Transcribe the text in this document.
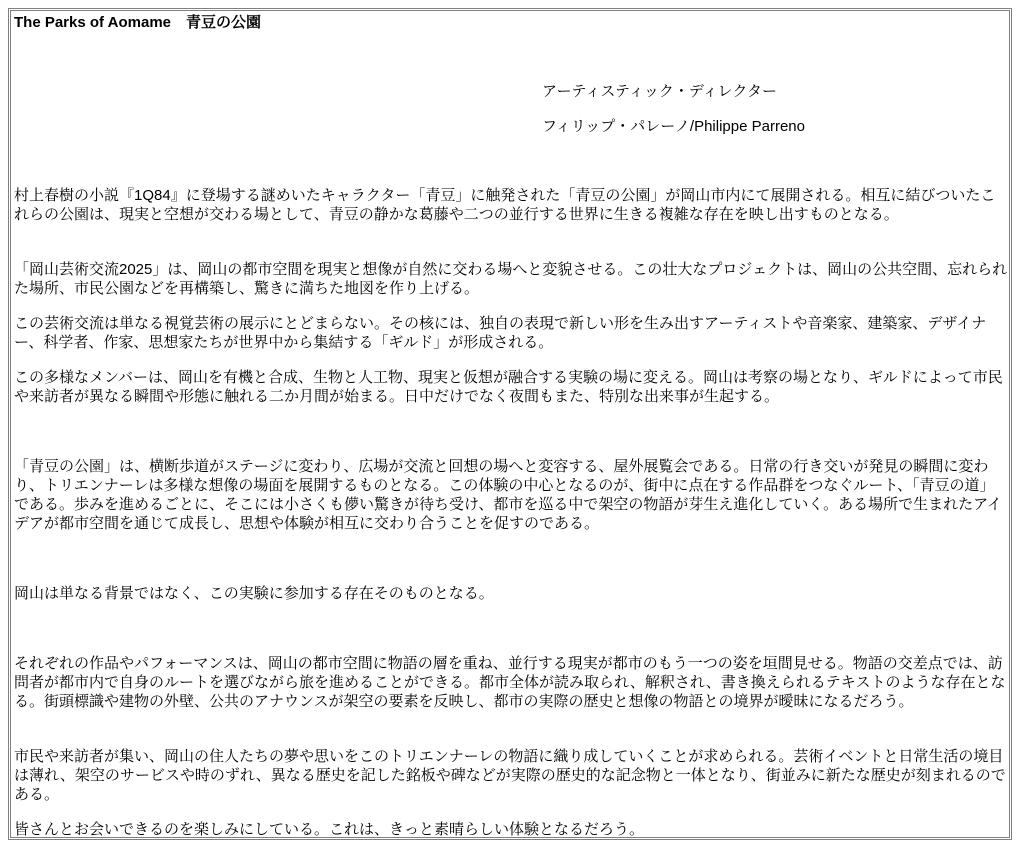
The Parks of Aomame　青豆の公園
アーティスティック・ディレクター
フィリップ・パレーノ/Philippe Parreno

村上春樹の小説『1Q84』に登場する謎めいたキャラクター「青豆」に触発された「青豆の公園」が岡山市内にて展開される。相互に結びついたこれらの公園は、現実と空想が交わる場として、青豆の静かな葛藤や二つの並行する世界に生きる複雑な存在を映し出すものとなる。

「岡山芸術交流2025」は、岡山の都市空間を現実と想像が自然に交わる場へと変貌させる。この壮大なプロジェクトは、岡山の公共空間、忘れられた場所、市民公園などを再構築し、驚きに満ちた地図を作り上げる。

この芸術交流は単なる視覚芸術の展示にとどまらない。その核には、独自の表現で新しい形を生み出すアーティストや音楽家、建築家、デザイナー、科学者、作家、思想家たちが世界中から集結する「ギルド」が形成される。

この多様なメンバーは、岡山を有機と合成、生物と人工物、現実と仮想が融合する実験の場に変える。岡山は考察の場となり、ギルドによって市民や来訪者が異なる瞬間や形態に触れる二か月間が始まる。日中だけでなく夜間もまた、特別な出来事が生起する。

「青豆の公園」は、横断歩道がステージに変わり、広場が交流と回想の場へと変容する、屋外展覧会である。日常の行き交いが発見の瞬間に変わり、トリエンナーレは多様な想像の場面を展開するものとなる。この体験の中心となるのが、街中に点在する作品群をつなぐルート、「青豆の道」である。歩みを進めるごとに、そこには小さくも儚い驚きが待ち受け、都市を巡る中で架空の物語が芽生え進化していく。ある場所で生まれたアイデアが都市空間を通じて成長し、思想や体験が相互に交わり合うことを促すのである。

岡山は単なる背景ではなく、この実験に参加する存在そのものとなる。

それぞれの作品やパフォーマンスは、岡山の都市空間に物語の層を重ね、並行する現実が都市のもう一つの姿を垣間見せる。物語の交差点では、訪問者が都市内で自身のルートを選びながら旅を進めることができる。都市全体が読み取られ、解釈され、書き換えられるテキストのような存在となる。街頭標識や建物の外壁、公共のアナウンスが架空の要素を反映し、都市の実際の歴史と想像の物語との境界が曖昧になるだろう。

市民や来訪者が集い、岡山の住人たちの夢や思いをこのトリエンナーレの物語に織り成していくことが求められる。芸術イベントと日常生活の境目は薄れ、架空のサービスや時のずれ、異なる歴史を記した銘板や碑などが実際の歴史的な記念物と一体となり、街並みに新たな歴史が刻まれるのである。

皆さんとお会いできるのを楽しみにしている。これは、きっと素晴らしい体験となるだろう。
